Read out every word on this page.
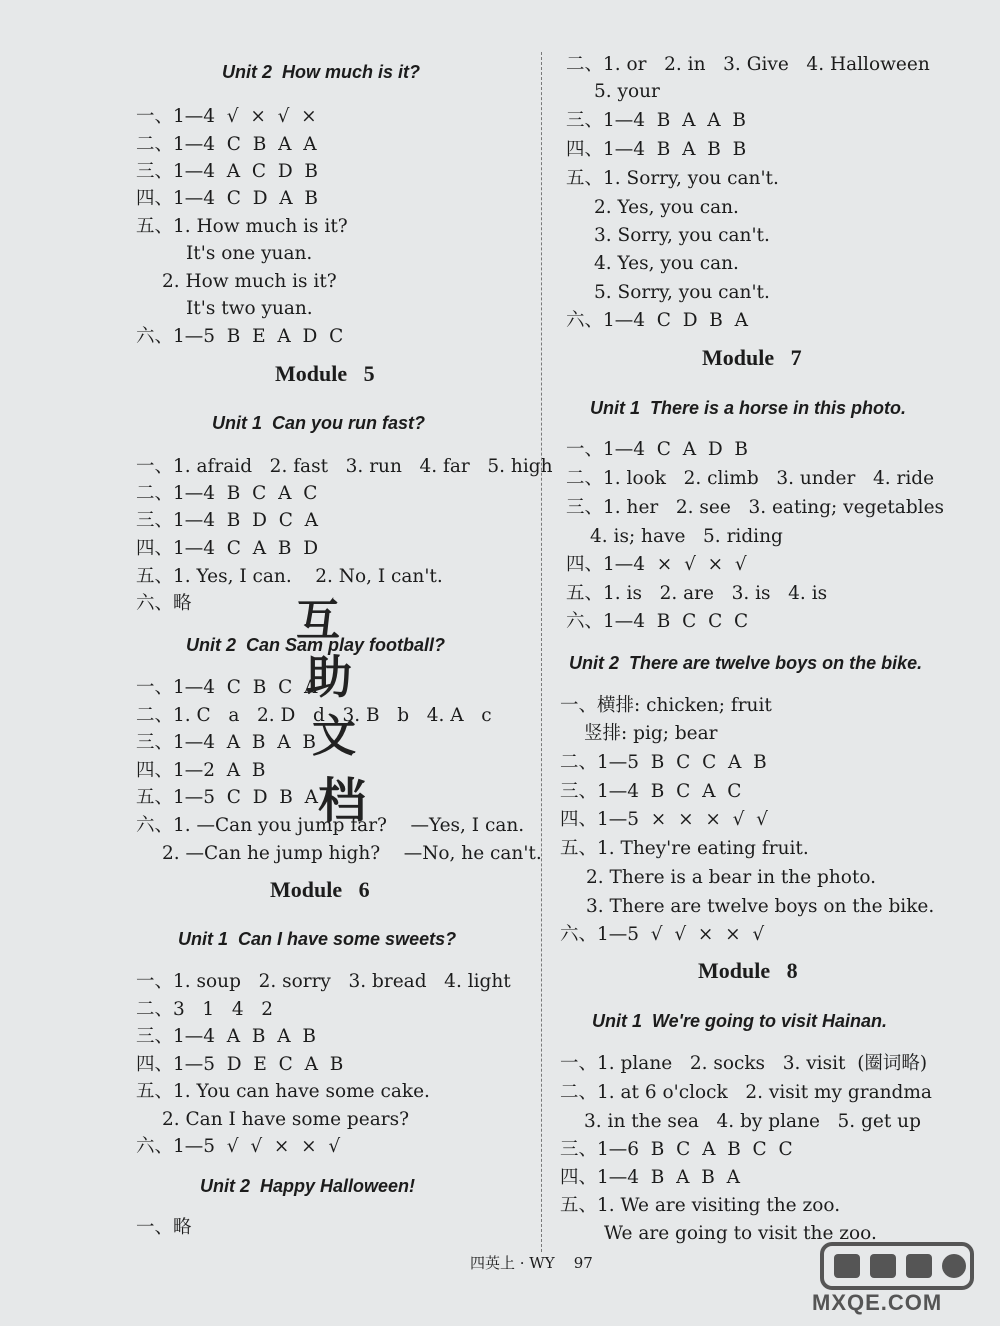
Unit 2  How much is it?
一、1—4  √  ×  √  ×
二、1—4  C  B  A  A
三、1—4  A  C  D  B
四、1—4  C  D  A  B
五、1. How much is it?
It's one yuan.
2. How much is it?
It's two yuan.
六、1—5  B  E  A  D  C
Module   5
Unit 1  Can you run fast?
一、1. afraid   2. fast   3. run   4. far   5. high
二、1—4  B  C  A  C
三、1—4  B  D  C  A
四、1—4  C  A  B  D
五、1. Yes, I can.    2. No, I can't.
六、略
Unit 2  Can Sam play football?
一、1—4  C  B  C  A
二、1. C   a   2. D   d   3. B   b   4. A   c
三、1—4  A  B  A  B
四、1—2  A  B
五、1—5  C  D  B  A
六、1. —Can you jump far?    —Yes, I can.
2. —Can he jump high?    —No, he can't.
Module   6
Unit 1  Can I have some sweets?
一、1. soup   2. sorry   3. bread   4. light
二、3   1   4   2
三、1—4  A  B  A  B
四、1—5  D  E  C  A  B
五、1. You can have some cake.
2. Can I have some pears?
六、1—5  √  √  ×  ×  √
Unit 2  Happy Halloween!
一、略
二、1. or   2. in   3. Give   4. Halloween
5. your
三、1—4  B  A  A  B
四、1—4  B  A  B  B
五、1. Sorry, you can't.
2. Yes, you can.
3. Sorry, you can't.
4. Yes, you can.
5. Sorry, you can't.
六、1—4  C  D  B  A
Module   7
Unit 1  There is a horse in this photo.
一、1—4  C  A  D  B
二、1. look   2. climb   3. under   4. ride
三、1. her   2. see   3. eating; vegetables
4. is; have   5. riding
四、1—4  ×  √  ×  √
五、1. is   2. are   3. is   4. is
六、1—4  B  C  C  C
Unit 2  There are twelve boys on the bike.
一、横排: chicken; fruit
竖排: pig; bear
二、1—5  B  C  C  A  B
三、1—4  B  C  A  C
四、1—5  ×  ×  ×  √  √
五、1. They're eating fruit.
2. There is a bear in the photo.
3. There are twelve boys on the bike.
六、1—5  √  √  ×  ×  √
Module   8
Unit 1  We're going to visit Hainan.
一、1. plane   2. socks   3. visit  (圈词略)
二、1. at 6 o'clock   2. visit my grandma
3. in the sea   4. by plane   5. get up
三、1—6  B  C  A  B  C  C
四、1—4  B  A  B  A
五、1. We are visiting the zoo.
We are going to visit the zoo.
四英上 · WY    97
互
助
文
档
MXQE.COM
